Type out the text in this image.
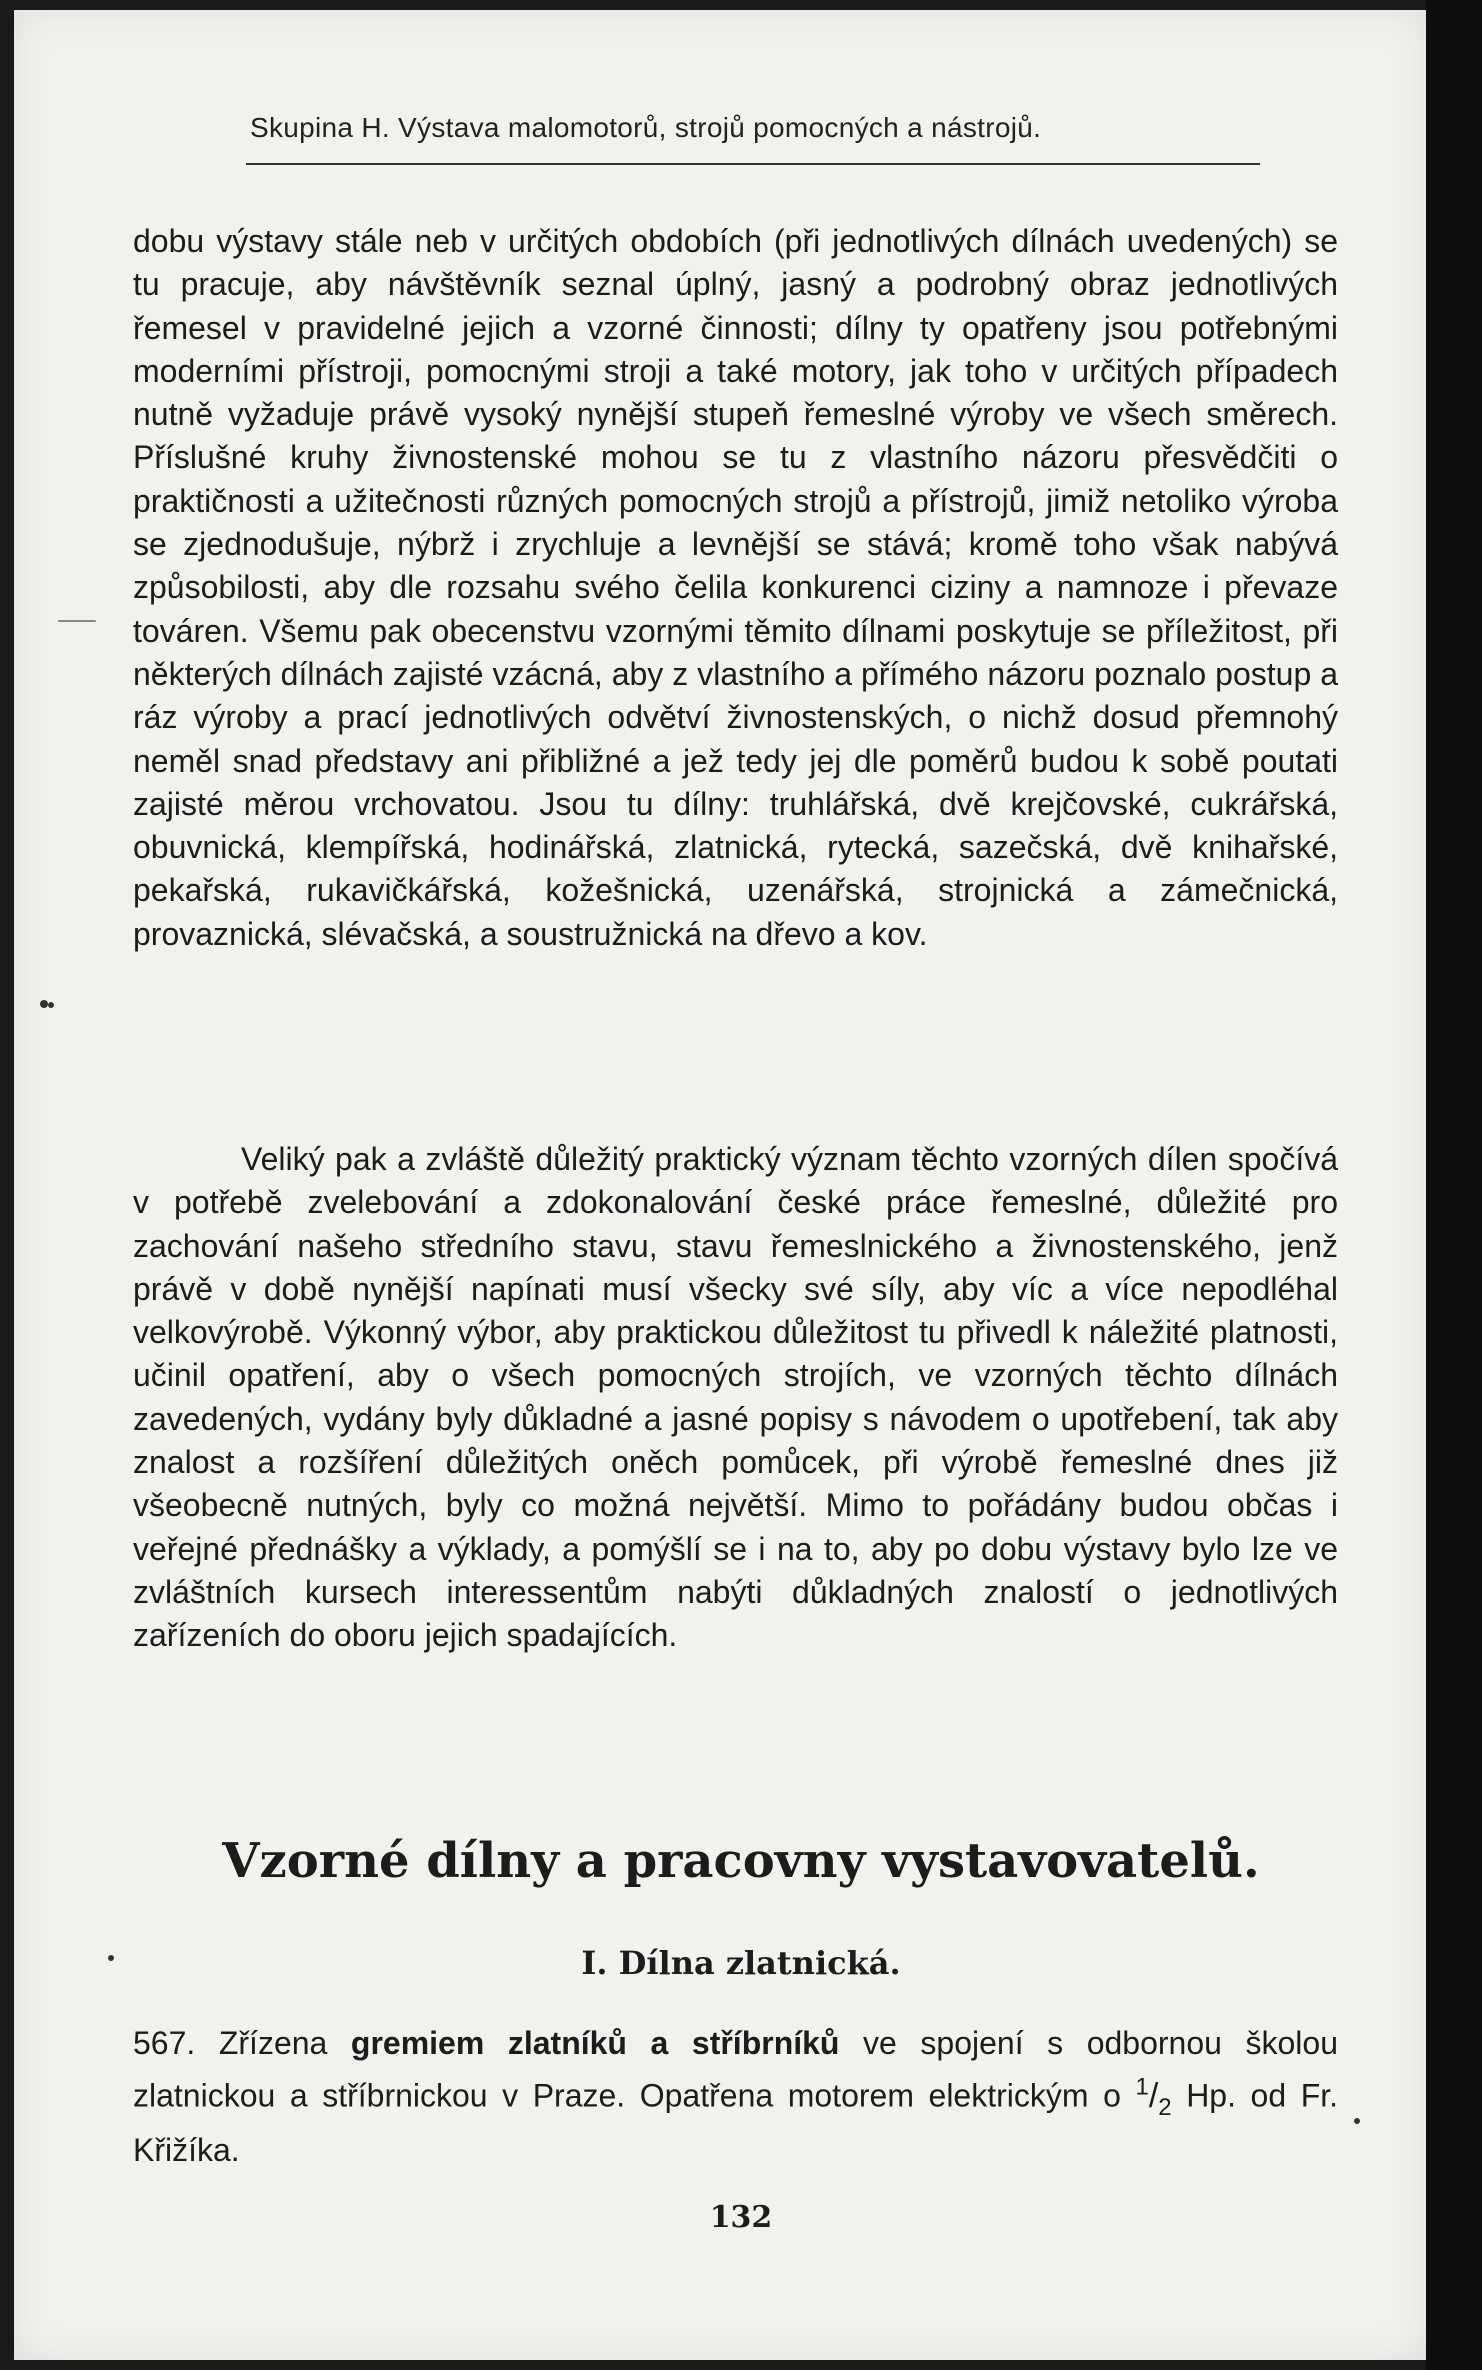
Skupina H. Výstava malomotorů, strojů pomocných a nástrojů.
dobu výstavy stále neb v určitých obdobích (při jednotlivých dílnách uvedených) se tu pracuje, aby návštěvník seznal úplný, jasný a podrobný obraz jednotlivých řemesel v pravidelné jejich a vzorné činnosti; dílny ty opatřeny jsou potřebnými moderními přístroji, pomocnými stroji a také motory, jak toho v určitých případech nutně vyžaduje právě vysoký nynější stupeň řemeslné výroby ve všech směrech. Příslušné kruhy živnostenské mohou se tu z vlastního názoru přesvědčiti o praktičnosti a užitečnosti různých pomocných strojů a přístrojů, jimiž netoliko výroba se zjednodušuje, nýbrž i zrychluje a levnější se stává; kromě toho však nabývá způsobilosti, aby dle rozsahu svého čelila konkurenci ciziny a namnoze i převaze továren. Všemu pak obecenstvu vzornými těmito dílnami poskytuje se příležitost, při některých dílnách zajisté vzácná, aby z vlastního a přímého názoru poznalo postup a ráz výroby a prací jednotlivých odvětví živnostenských, o nichž dosud přemnohý neměl snad představy ani přibližné a jež tedy jej dle poměrů budou k sobě poutati zajisté měrou vrchovatou. Jsou tu dílny: truhlářská, dvě krejčovské, cukrářská, obuvnická, klempířská, hodinářská, zlatnická, rytecká, sazečská, dvě knihařské, pekařská, rukavičkářská, kožešnická, uzenářská, strojnická a zámečnická, provaznická, slévačská, a soustružnická na dřevo a kov.
Veliký pak a zvláště důležitý praktický význam těchto vzorných dílen spočívá v potřebě zvelebování a zdokonalování české práce řemeslné, důležité pro zachování našeho středního stavu, stavu řemeslnického a živnostenského, jenž právě v době nynější napínati musí všecky své síly, aby víc a více nepodléhal velkovýrobě. Výkonný výbor, aby praktickou důležitost tu přivedl k náležité platnosti, učinil opatření, aby o všech pomocných strojích, ve vzorných těchto dílnách zavedených, vydány byly důkladné a jasné popisy s návodem o upotřebení, tak aby znalost a rozšíření důležitých oněch pomůcek, při výrobě řemeslné dnes již všeobecně nutných, byly co možná největší. Mimo to pořádány budou občas i veřejné přednášky a výklady, a pomýšlí se i na to, aby po dobu výstavy bylo lze ve zvláštních kursech interessentům nabýti důkladných znalostí o jednotlivých zařízeních do oboru jejich spadajících.
Vzorné dílny a pracovny vystavovatelů.
I. Dílna zlatnická.
567. Zřízena gremiem zlatníků a stříbrníků ve spojení s odbornou školou zlatnickou a stříbrnickou v Praze. Opatřena motorem elektrickým o $^1/_2$ Hp. od Fr. Křižíka.
132
